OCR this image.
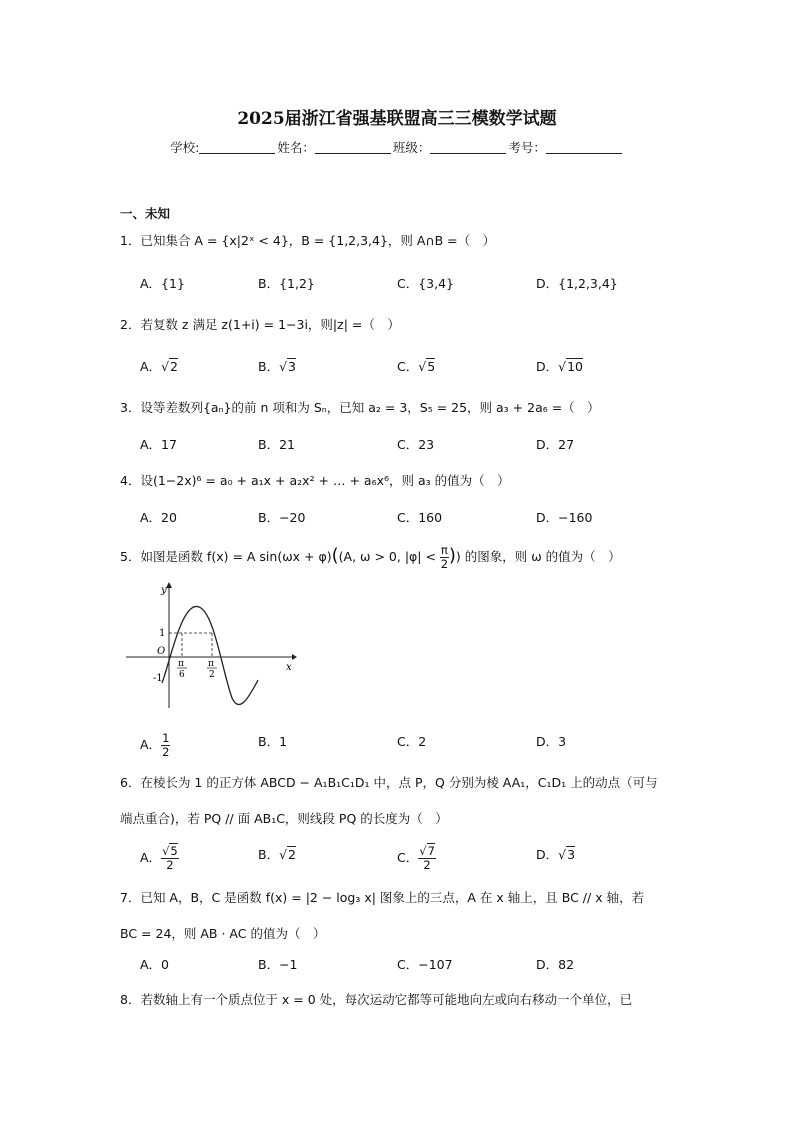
2025届浙江省强基联盟高三三模数学试题
学校:	姓名：	班级：	考号：
一、未知
1．已知集合 A = {x|2ˣ < 4}，B = {1,2,3,4}，则 A∩B =（　）
A．{1}	B．{1,2}	C．{3,4}	D．{1,2,3,4}
2．若复数 z 满足 z(1+i) = 1−3i，则|z| =（　）
A．√2	B．√3	C．√5	D．√10
3．设等差数列{aₙ}的前 n 项和为 Sₙ，已知 a₂ = 3，S₅ = 25，则 a₃ + 2a₆ =（　）
A．17	B．21	C．23	D．27
4．设(1−2x)⁶ = a₀ + a₁x + a₂x² + … + a₆x⁶，则 a₃ 的值为（　）
A．20	B．−20	C．160	D．−160
5．如图是函数 f(x) = A sin(ωx + φ)((A, ω > 0, $|\varphi| < \frac{\pi}{2}$ )) 的图象，则 ω 的值为（　）
y
x
O
1
-1
π
6
π
2
A． $\frac{1}{2}$	B．1	C．2	D．3
6．在棱长为 1 的正方体 ABCD − A₁B₁C₁D₁ 中，点 P，Q 分别为棱 AA₁，C₁D₁ 上的动点（可与
端点重合)，若 PQ // 面 AB₁C，则线段 PQ 的长度为（　）
A． $\frac{√5}{2}$	B．√2	C． $\frac{√7}{2}$	D．√3
7．已知 A，B，C 是函数 f(x) = |2 − log₃ x| 图象上的三点，A 在 x 轴上，且 BC // x 轴，若
BC = 24，则 AB · AC 的值为（　）
A．0	B．−1	C．−107	D．82
8．若数轴上有一个质点位于 x = 0 处，每次运动它都等可能地向左或向右移动一个单位，已
